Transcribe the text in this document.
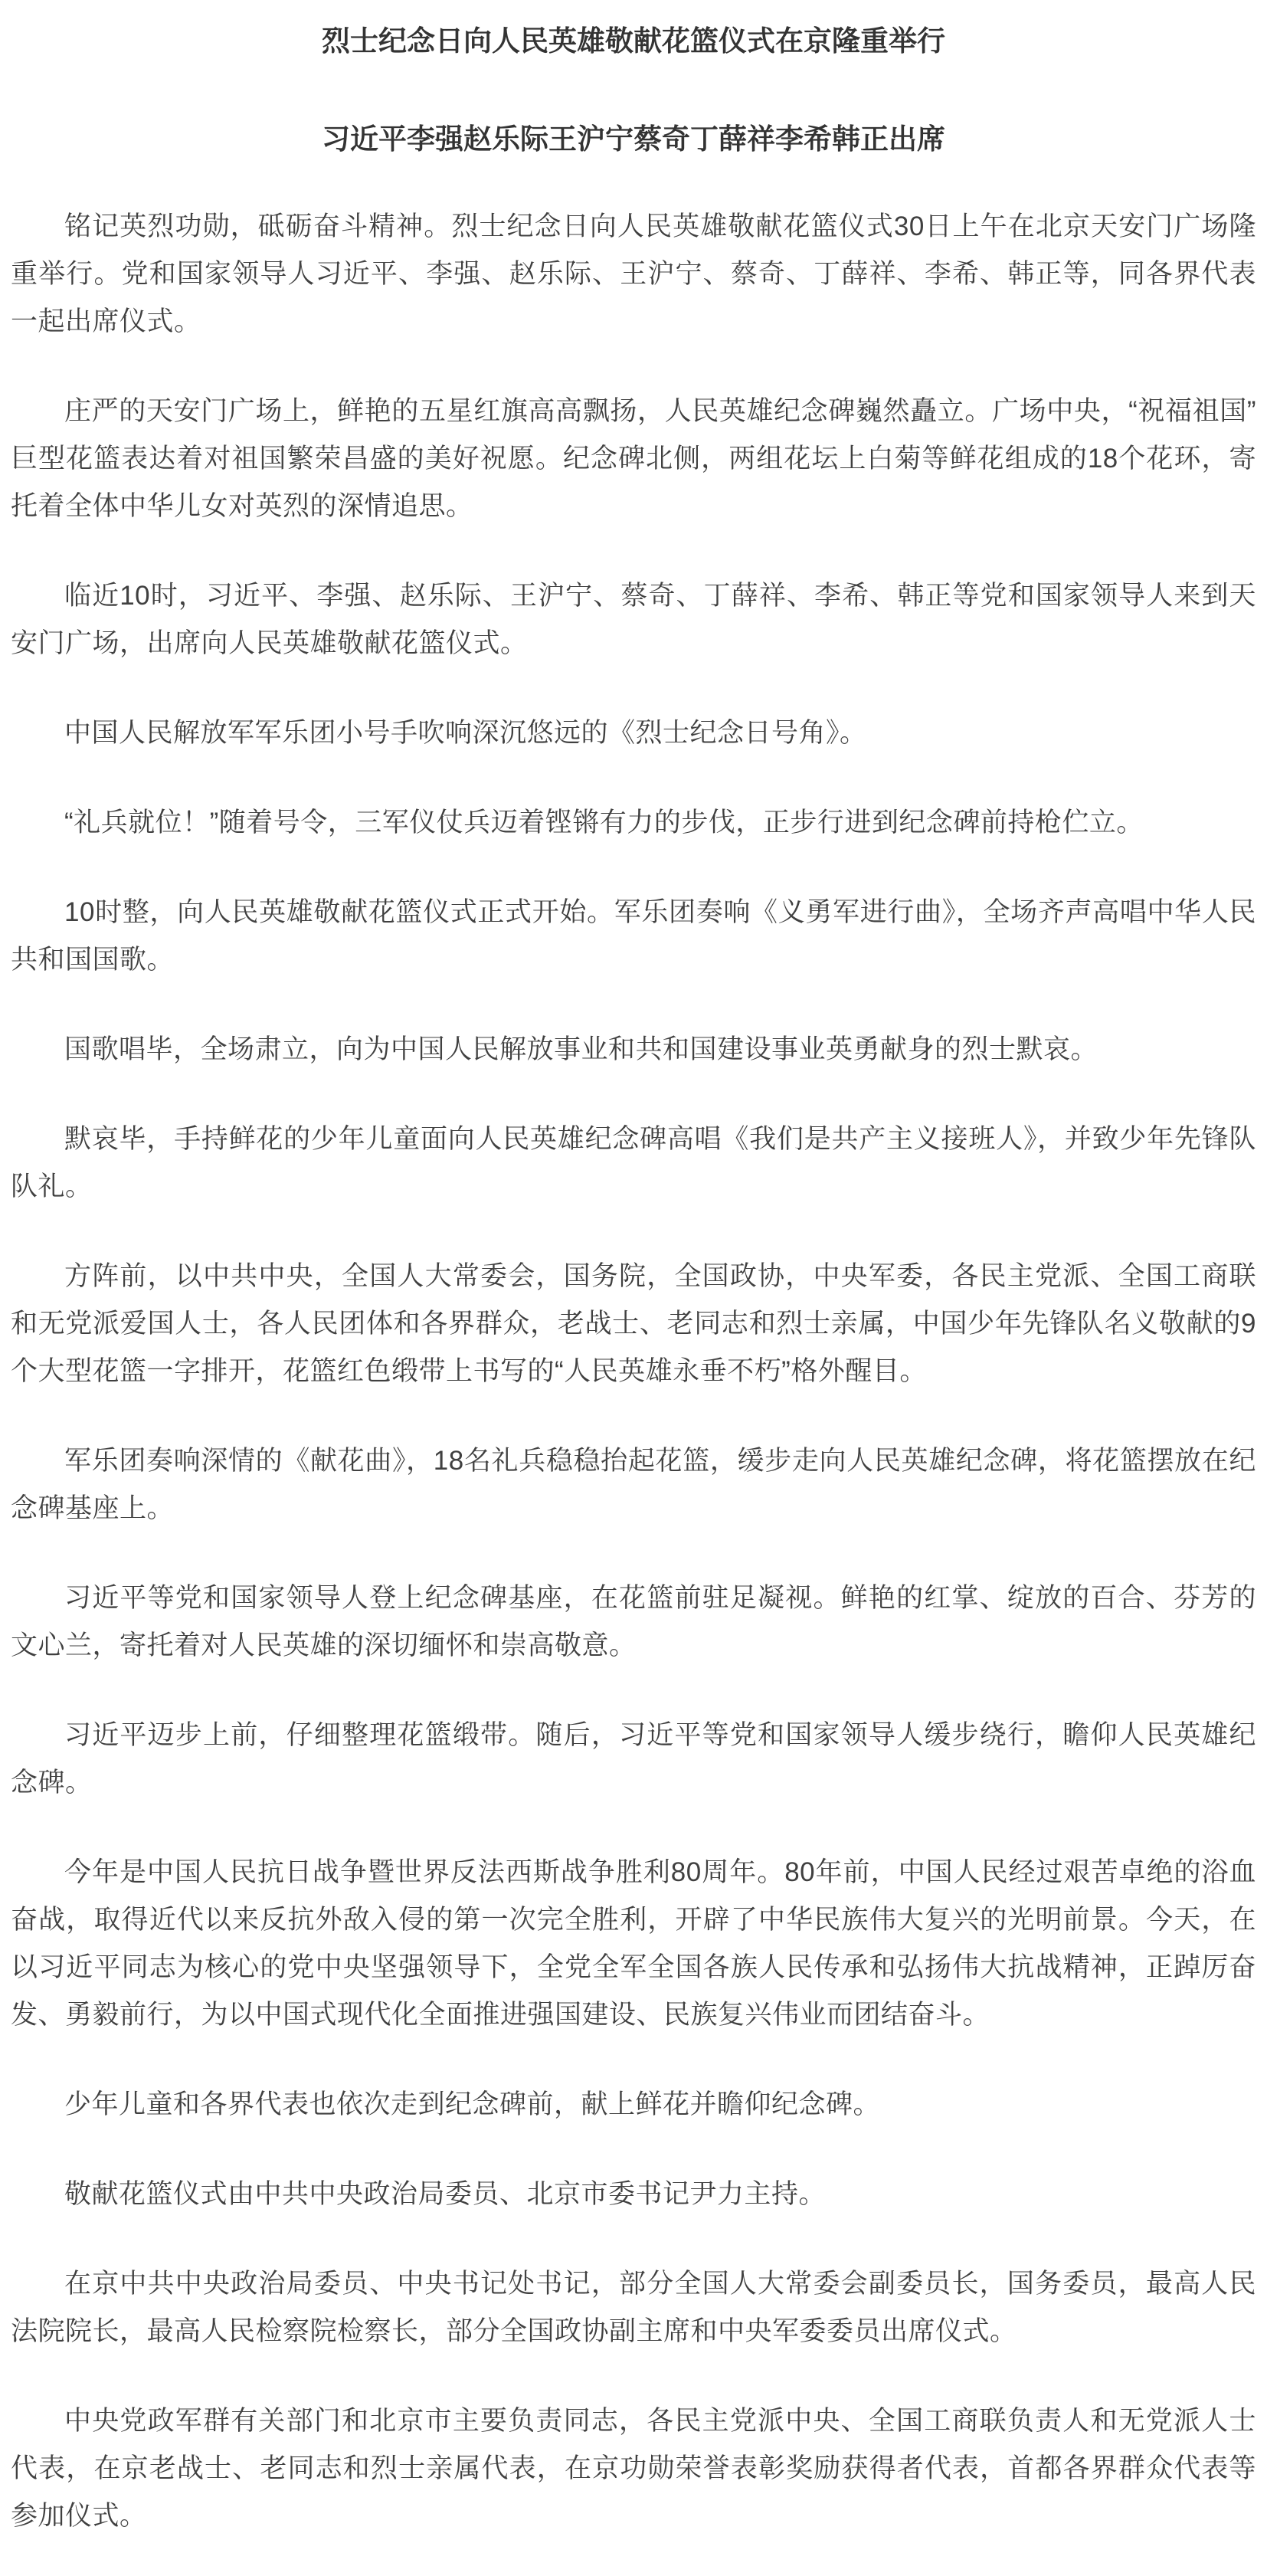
烈士纪念日向人民英雄敬献花篮仪式在京隆重举行
习近平李强赵乐际王沪宁蔡奇丁薛祥李希韩正出席

铭记英烈功勋，砥砺奋斗精神。烈士纪念日向人民英雄敬献花篮仪式30日上午在北京天安门广场隆重举行。党和国家领导人习近平、李强、赵乐际、王沪宁、蔡奇、丁薛祥、李希、韩正等，同各界代表一起出席仪式。

庄严的天安门广场上，鲜艳的五星红旗高高飘扬，人民英雄纪念碑巍然矗立。广场中央，“祝福祖国”巨型花篮表达着对祖国繁荣昌盛的美好祝愿。纪念碑北侧，两组花坛上白菊等鲜花组成的18个花环，寄托着全体中华儿女对英烈的深情追思。

临近10时，习近平、李强、赵乐际、王沪宁、蔡奇、丁薛祥、李希、韩正等党和国家领导人来到天安门广场，出席向人民英雄敬献花篮仪式。

中国人民解放军军乐团小号手吹响深沉悠远的《烈士纪念日号角》。

“礼兵就位！”随着号令，三军仪仗兵迈着铿锵有力的步伐，正步行进到纪念碑前持枪伫立。

10时整，向人民英雄敬献花篮仪式正式开始。军乐团奏响《义勇军进行曲》，全场齐声高唱中华人民共和国国歌。

国歌唱毕，全场肃立，向为中国人民解放事业和共和国建设事业英勇献身的烈士默哀。

默哀毕，手持鲜花的少年儿童面向人民英雄纪念碑高唱《我们是共产主义接班人》，并致少年先锋队队礼。

方阵前，以中共中央，全国人大常委会，国务院，全国政协，中央军委，各民主党派、全国工商联和无党派爱国人士，各人民团体和各界群众，老战士、老同志和烈士亲属，中国少年先锋队名义敬献的9个大型花篮一字排开，花篮红色缎带上书写的“人民英雄永垂不朽”格外醒目。

军乐团奏响深情的《献花曲》，18名礼兵稳稳抬起花篮，缓步走向人民英雄纪念碑，将花篮摆放在纪念碑基座上。

习近平等党和国家领导人登上纪念碑基座，在花篮前驻足凝视。鲜艳的红掌、绽放的百合、芬芳的文心兰，寄托着对人民英雄的深切缅怀和崇高敬意。

习近平迈步上前，仔细整理花篮缎带。随后，习近平等党和国家领导人缓步绕行，瞻仰人民英雄纪念碑。

今年是中国人民抗日战争暨世界反法西斯战争胜利80周年。80年前，中国人民经过艰苦卓绝的浴血奋战，取得近代以来反抗外敌入侵的第一次完全胜利，开辟了中华民族伟大复兴的光明前景。今天，在以习近平同志为核心的党中央坚强领导下，全党全军全国各族人民传承和弘扬伟大抗战精神，正踔厉奋发、勇毅前行，为以中国式现代化全面推进强国建设、民族复兴伟业而团结奋斗。

少年儿童和各界代表也依次走到纪念碑前，献上鲜花并瞻仰纪念碑。

敬献花篮仪式由中共中央政治局委员、北京市委书记尹力主持。

在京中共中央政治局委员、中央书记处书记，部分全国人大常委会副委员长，国务委员，最高人民法院院长，最高人民检察院检察长，部分全国政协副主席和中央军委委员出席仪式。

中央党政军群有关部门和北京市主要负责同志，各民主党派中央、全国工商联负责人和无党派人士代表，在京老战士、老同志和烈士亲属代表，在京功勋荣誉表彰奖励获得者代表，首都各界群众代表等参加仪式。
